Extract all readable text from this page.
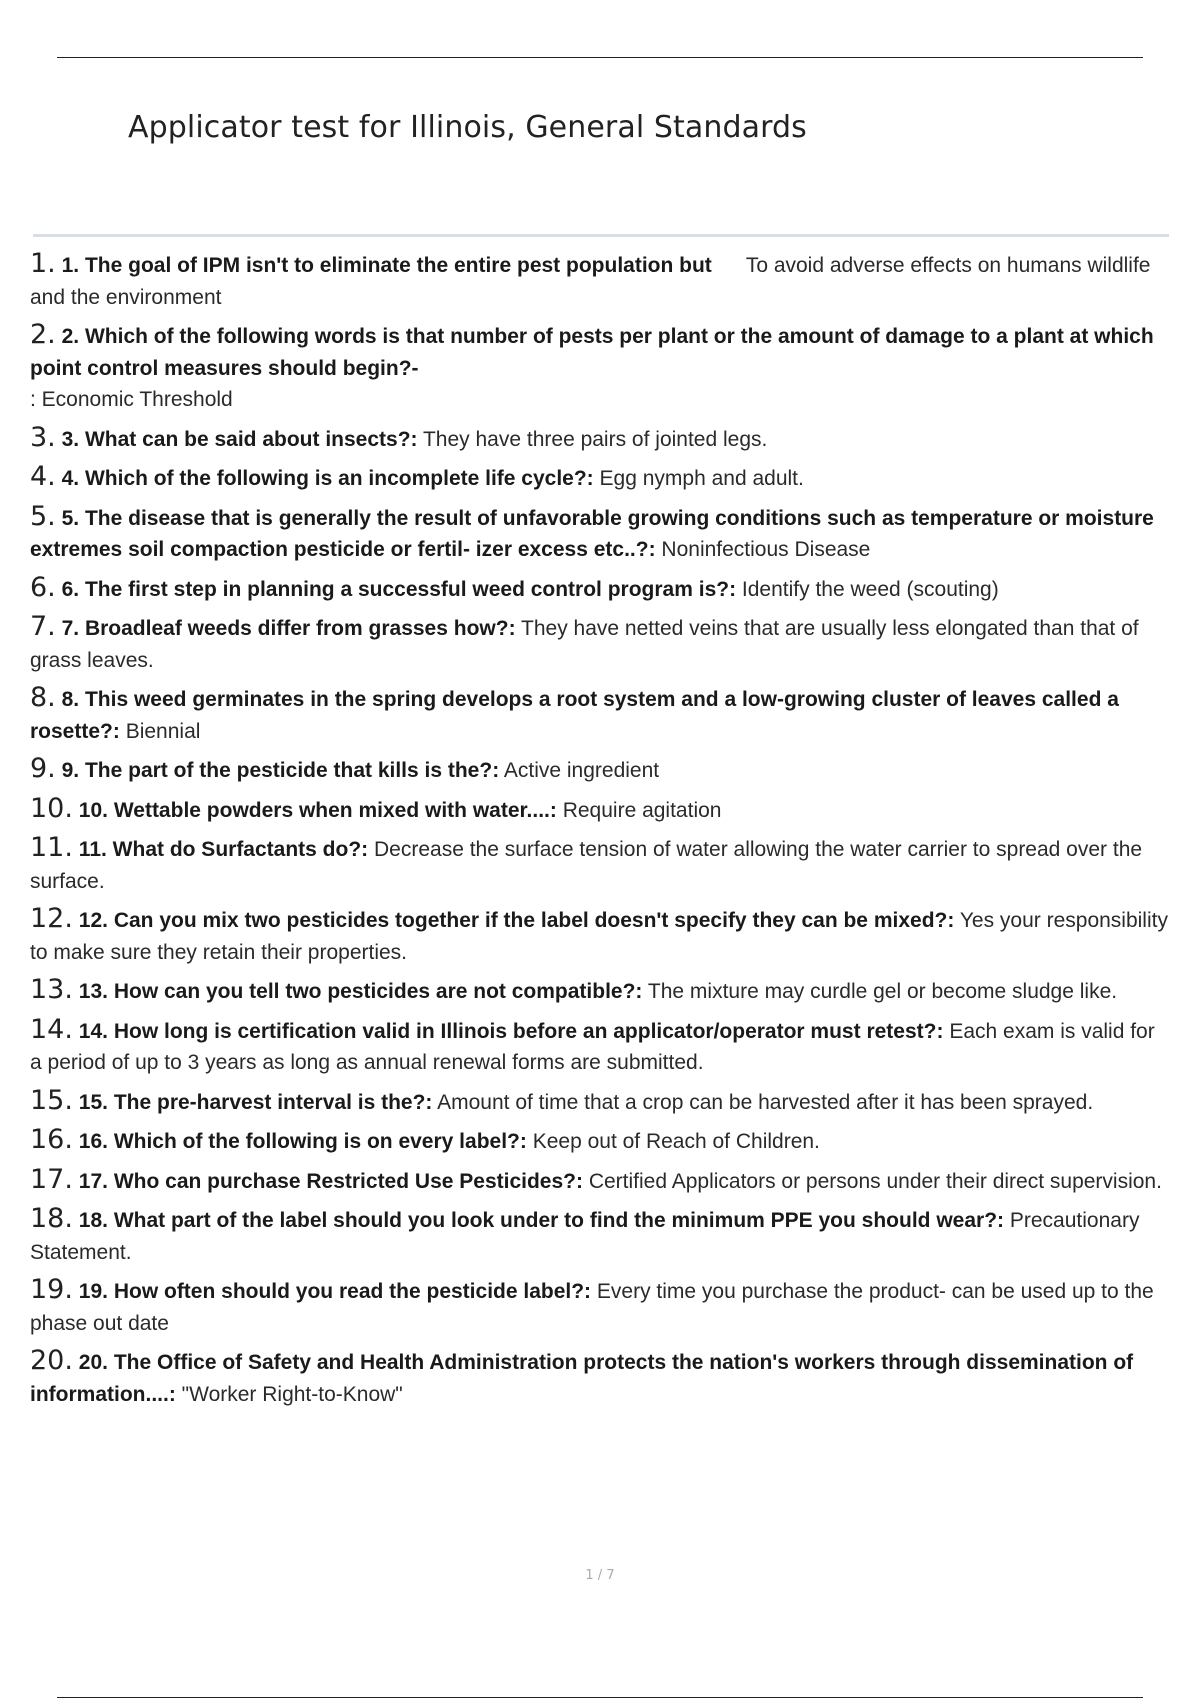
Applicator test for Illinois, General Standards
1. 1. The goal of IPM isn't to eliminate the entire pest population but To avoid adverse effects on humans wildlife and the environment
2. 2. Which of the following words is that number of pests per plant or the amount of damage to a plant at which point control measures should begin?-
: Economic Threshold
3. 3. What can be said about insects?: They have three pairs of jointed legs.
4. 4. Which of the following is an incomplete life cycle?: Egg nymph and adult.
5. 5. The disease that is generally the result of unfavorable growing conditions such as temperature or moisture extremes soil compaction pesticide or fertil- izer excess etc..?: Noninfectious Disease
6. 6. The first step in planning a successful weed control program is?: Identify the weed (scouting)
7. 7. Broadleaf weeds differ from grasses how?: They have netted veins that are usually less elongated than that of grass leaves.
8. 8. This weed germinates in the spring develops a root system and a low-growing cluster of leaves called a rosette?: Biennial
9. 9. The part of the pesticide that kills is the?: Active ingredient
10. 10. Wettable powders when mixed with water....: Require agitation
11. 11. What do Surfactants do?: Decrease the surface tension of water allowing the water carrier to spread over the surface.
12. 12. Can you mix two pesticides together if the label doesn't specify they can be mixed?: Yes your responsibility to make sure they retain their properties.
13. 13. How can you tell two pesticides are not compatible?: The mixture may curdle gel or become sludge like.
14. 14. How long is certification valid in Illinois before an applicator/operator must retest?: Each exam is valid for a period of up to 3 years as long as annual renewal forms are submitted.
15. 15. The pre-harvest interval is the?: Amount of time that a crop can be harvested after it has been sprayed.
16. 16. Which of the following is on every label?: Keep out of Reach of Children.
17. 17. Who can purchase Restricted Use Pesticides?: Certified Applicators or persons under their direct supervision.
18. 18. What part of the label should you look under to find the minimum PPE you should wear?: Precautionary Statement.
19. 19. How often should you read the pesticide label?: Every time you purchase the product- can be used up to the phase out date
20. 20. The Office of Safety and Health Administration protects the nation's workers through dissemination of information....: "Worker Right-to-Know"
1 / 7
